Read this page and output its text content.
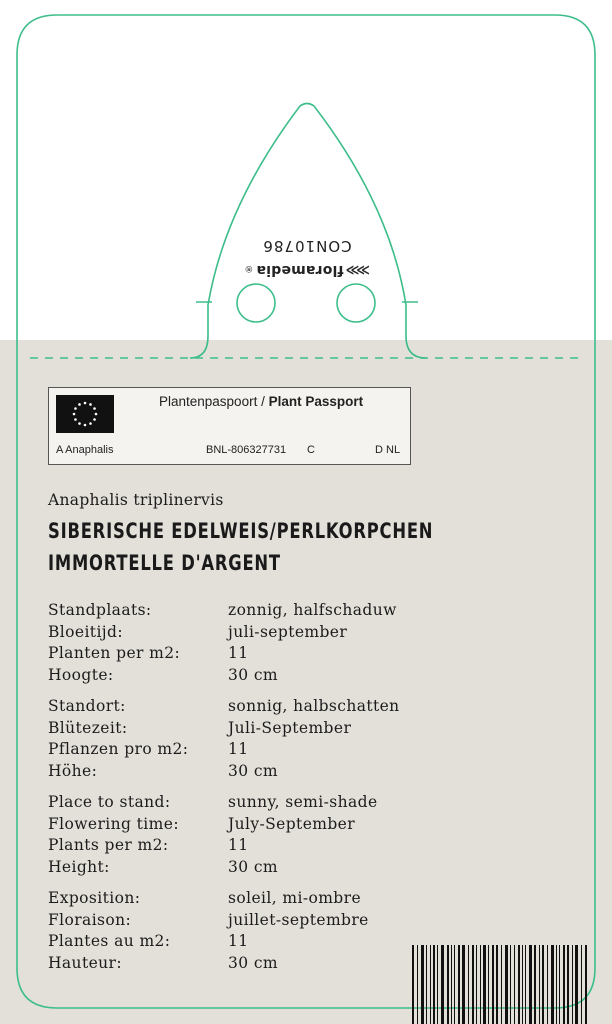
≫≫floramedia®
CON10786
Plantenpaspoort / Plant Passport
A Anaphalis	BNL-806327731 C	D NL
Anaphalis triplinervis
SIBERISCHE EDELWEIS/PERLKORPCHEN
IMMORTELLE D'ARGENT
Standplaats:	zonnig, halfschaduw
Bloeitijd:	juli-september
Planten per m2:	11
Hoogte:	30 cm
Standort:	sonnig, halbschatten
Blütezeit:	Juli-September
Pflanzen pro m2:	11
Höhe:	30 cm
Place to stand:	sunny, semi-shade
Flowering time:	July-September
Plants per m2:	11
Height:	30 cm
Exposition:	soleil, mi-ombre
Floraison:	juillet-septembre
Plantes au m2:	11
Hauteur:	30 cm
